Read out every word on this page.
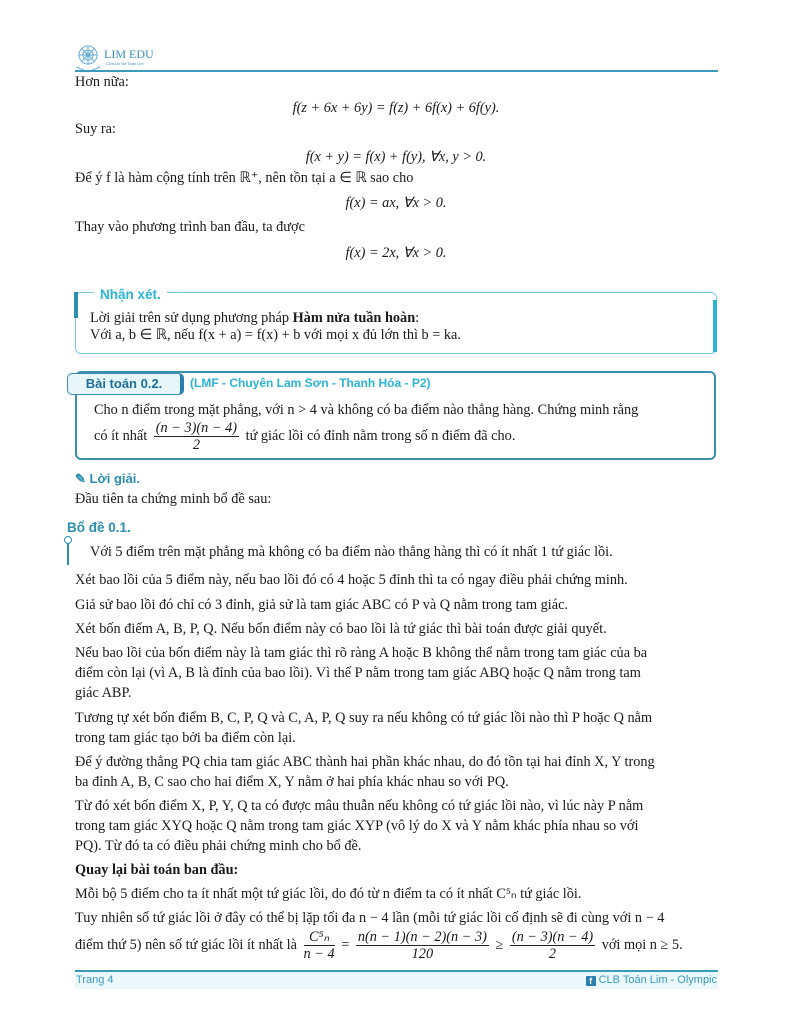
LIM EDU
Cửa Lin Đế Toán Lim
Hơn nữa:
f(z + 6x + 6y) = f(z) + 6f(x) + 6f(y).
Suy ra:
f(x + y) = f(x) + f(y), ∀x, y > 0.
Để ý f là hàm cộng tính trên ℝ⁺, nên tồn tại a ∈ ℝ sao cho
f(x) = ax, ∀x > 0.
Thay vào phương trình ban đầu, ta được
f(x) = 2x, ∀x > 0.
Nhận xét.
Lời giải trên sử dụng phương pháp Hàm nửa tuần hoàn:
Với a, b ∈ ℝ, nếu f(x + a) = f(x) + b với mọi x đủ lớn thì b = ka.
Bài toán 0.2.	(LMF - Chuyên Lam Sơn - Thanh Hóa - P2)
Cho n điểm trong mặt phẳng, với n > 4 và không có ba điểm nào thẳng hàng. Chứng minh rằng
có ít nhất $\frac{(n - 3)(n - 4)}{2}$ tứ giác lồi có đỉnh nằm trong số n điểm đã cho.
✎ Lời giải.
Đầu tiên ta chứng minh bổ đề sau:
Bổ đề 0.1.
Với 5 điểm trên mặt phẳng mà không có ba điểm nào thẳng hàng thì có ít nhất 1 tứ giác lồi.
Xét bao lồi của 5 điểm này, nếu bao lồi đó có 4 hoặc 5 đỉnh thì ta có ngay điều phải chứng minh.
Giả sử bao lồi đó chỉ có 3 đỉnh, giả sử là tam giác ABC có P và Q nằm trong tam giác.
Xét bốn điểm A, B, P, Q. Nếu bốn điểm này có bao lồi là tứ giác thì bài toán được giải quyết.
Nếu bao lồi của bốn điểm này là tam giác thì rõ ràng A hoặc B không thể nằm trong tam giác của ba
điểm còn lại (vì A, B là đỉnh của bao lồi). Vì thế P nằm trong tam giác ABQ hoặc Q nằm trong tam
giác ABP.
Tương tự xét bốn điểm B, C, P, Q và C, A, P, Q suy ra nếu không có tứ giác lồi nào thì P hoặc Q nằm
trong tam giác tạo bởi ba điểm còn lại.
Để ý đường thẳng PQ chia tam giác ABC thành hai phần khác nhau, do đó tồn tại hai đỉnh X, Y trong
ba đỉnh A, B, C sao cho hai điểm X, Y nằm ở hai phía khác nhau so với PQ.
Từ đó xét bốn điểm X, P, Y, Q ta có được mâu thuẫn nếu không có tứ giác lồi nào, vì lúc này P nằm
trong tam giác XYQ hoặc Q nằm trong tam giác XYP (vô lý do X và Y nằm khác phía nhau so với
PQ). Từ đó ta có điều phải chứng minh cho bổ đề.
Quay lại bài toán ban đầu:
Mỗi bộ 5 điểm cho ta ít nhất một tứ giác lồi, do đó từ n điểm ta có ít nhất C⁵ₙ tứ giác lồi.
Tuy nhiên số tứ giác lồi ở đây có thể bị lặp tối đa n − 4 lần (mỗi tứ giác lồi cố định sẽ đi cùng với n − 4
điểm thứ 5) nên số tứ giác lồi ít nhất là $\frac{\text{C⁵ₙ}}{n - 4} = \frac{n(n - 1)(n - 2)(n - 3)}{120} \ge \frac{(n - 3)(n - 4)}{2}$ với mọi n ≥ 5.
Trang 4	f CLB Toán Lim - Olympic
